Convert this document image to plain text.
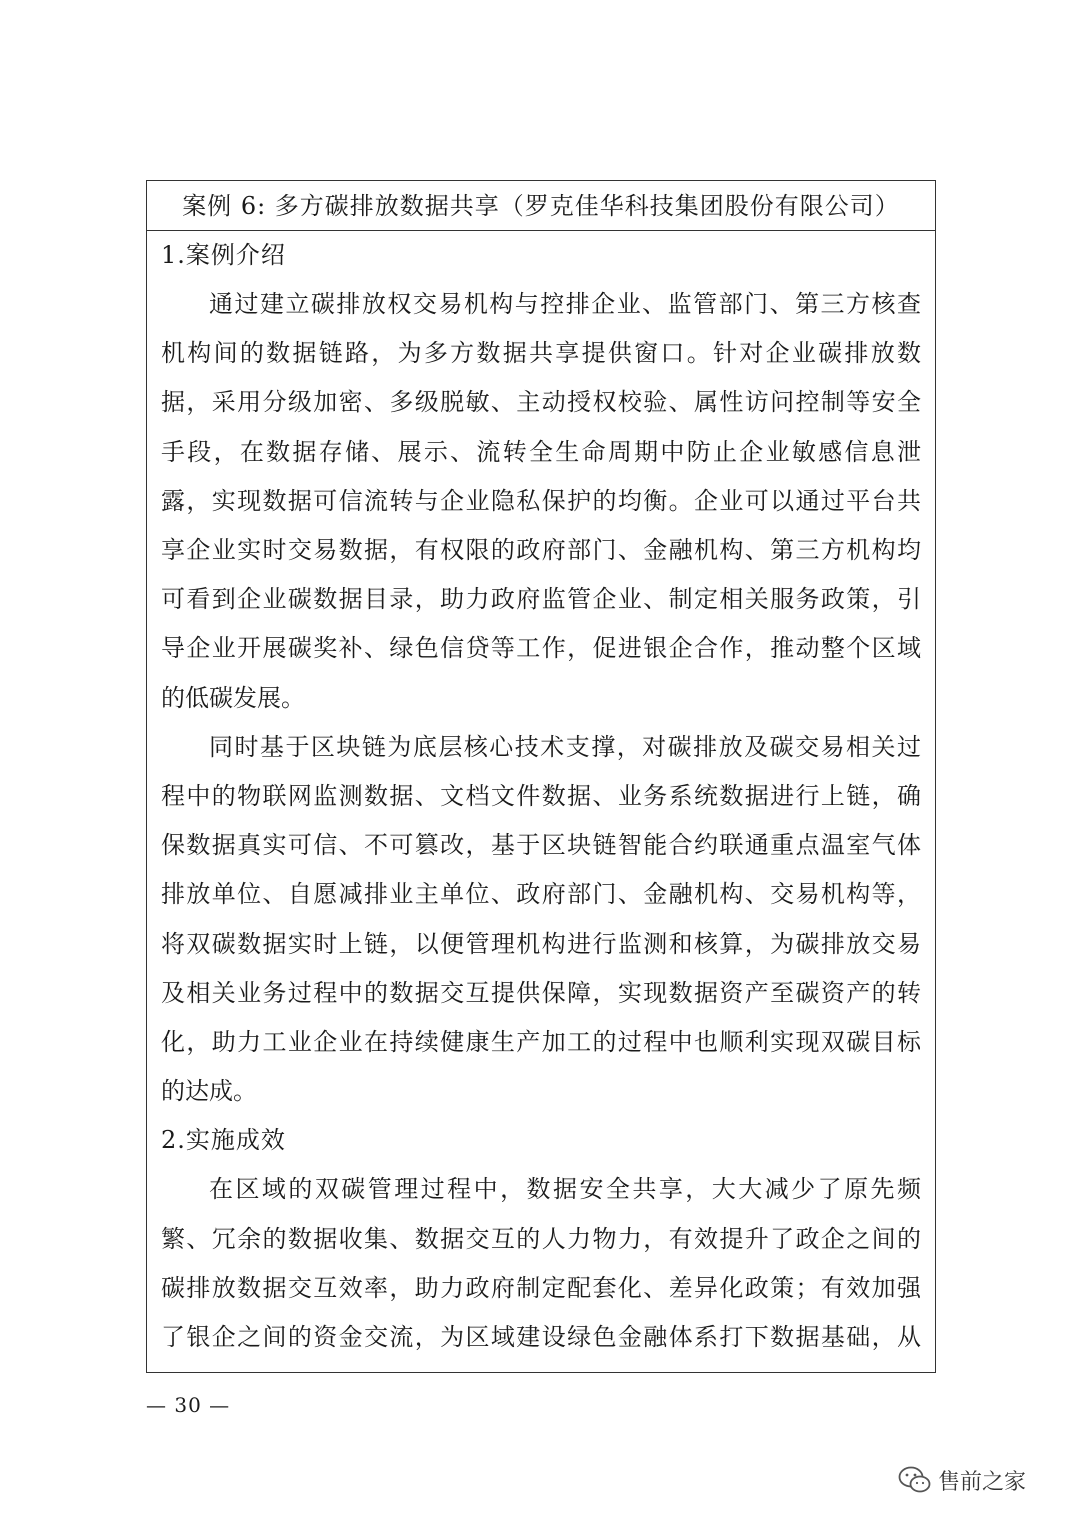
案例 6: 多方碳排放数据共享（罗克佳华科技集团股份有限公司）
1.案例介绍

通过建立碳排放权交易机构与控排企业、监管部门、第三方核查
机构间的数据链路，为多方数据共享提供窗口。针对企业碳排放数
据，采用分级加密、多级脱敏、主动授权校验、属性访问控制等安全
手段，在数据存储、展示、流转全生命周期中防止企业敏感信息泄
露，实现数据可信流转与企业隐私保护的均衡。企业可以通过平台共
享企业实时交易数据，有权限的政府部门、金融机构、第三方机构均
可看到企业碳数据目录，助力政府监管企业、制定相关服务政策，引
导企业开展碳奖补、绿色信贷等工作，促进银企合作，推动整个区域
的低碳发展。

同时基于区块链为底层核心技术支撑，对碳排放及碳交易相关过
程中的物联网监测数据、文档文件数据、业务系统数据进行上链，确
保数据真实可信、不可篡改，基于区块链智能合约联通重点温室气体
排放单位、自愿减排业主单位、政府部门、金融机构、交易机构等，
将双碳数据实时上链，以便管理机构进行监测和核算，为碳排放交易
及相关业务过程中的数据交互提供保障，实现数据资产至碳资产的转
化，助力工业企业在持续健康生产加工的过程中也顺利实现双碳目标
的达成。

2.实施成效

在区域的双碳管理过程中，数据安全共享，大大减少了原先频
繁、冗余的数据收集、数据交互的人力物力，有效提升了政企之间的
碳排放数据交互效率，助力政府制定配套化、差异化政策；有效加强
了银企之间的资金交流，为区域建设绿色金融体系打下数据基础，从

— 30 —
售前之家
